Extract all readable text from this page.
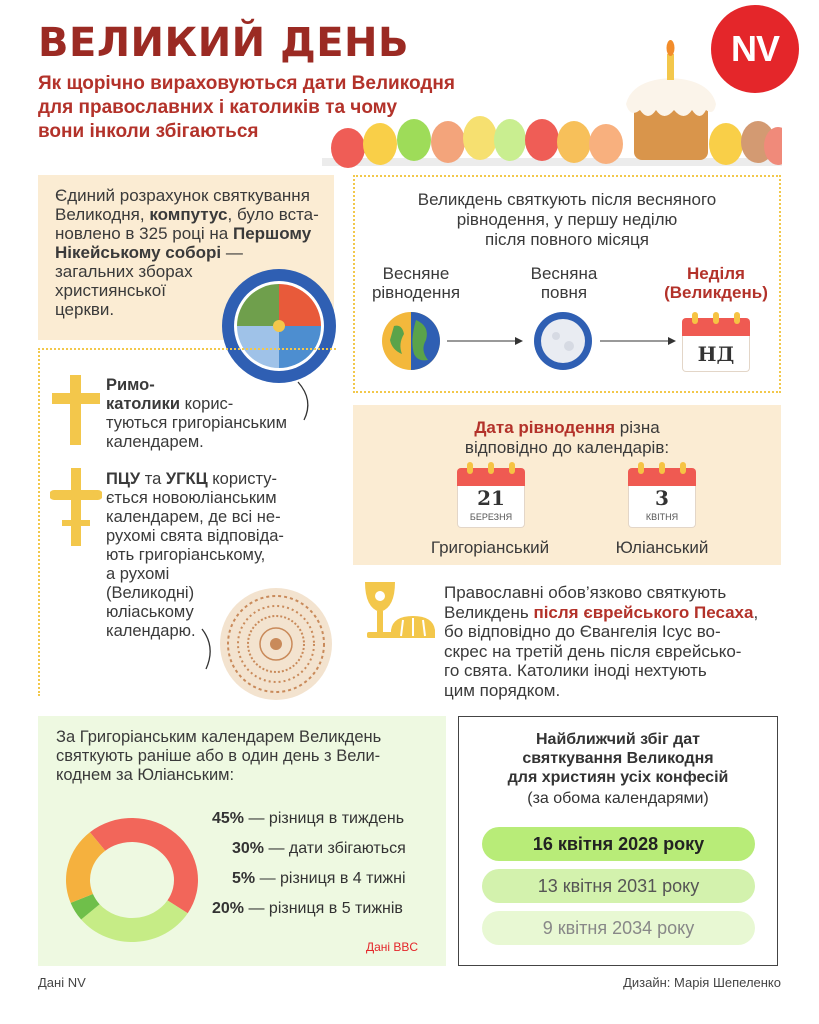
ВЕЛИКИЙ ДЕНЬ
Як щорічно вираховуються дати Великодня
для православних і католиків та чому
вони інколи збігаються
NV
Єдиний розрахунок святкування
Великодня, компутус, було вста-
новлено в 325 році на Першому
Нікейському соборі —
загальних зборах
християнської
церкви.
Римо-
католики корис-
туються григоріанським
календарем.
ПЦУ та УГКЦ користу-
ється новоюліанським
календарем, де всі не-
рухомі свята відповіда-
ють григоріанському,
а рухомі
(Великодні)
юліаському
календарю.
Великдень святкують після весняного
рівнодення, у першу неділю
після повного місяця
Весняне
рівнодення
Весняна
повня
Неділя
(Великдень)
НД
Дата рівнодення різна
відповідно до календарів:
21
БЕРЕЗНЯ
3
КВІТНЯ
Григоріанський	Юліанський
Православні обов’язково святкують
Великдень після єврейського Песаха,
бо відповідно до Євангелія Ісус во-
скрес на третій день після єврейсько-
го свята. Католики іноді нехтують
цим порядком.
За Григоріанським календарем Великдень
святкують раніше або в один день з Вели-
коднем за Юліанським:
45% — різниця в тиждень
30% — дати збігаються
5% — різниця в 4 тижні
20% — різниця в 5 тижнів
Дані BBC
Найближчий збіг дат
святкування Великодня
для християн усіх конфесій
(за обома календарями)
16 квітня 2028 року
13 квітня 2031 року
9 квітня 2034 року
Дані NV	Дизайн: Марія Шепеленко
